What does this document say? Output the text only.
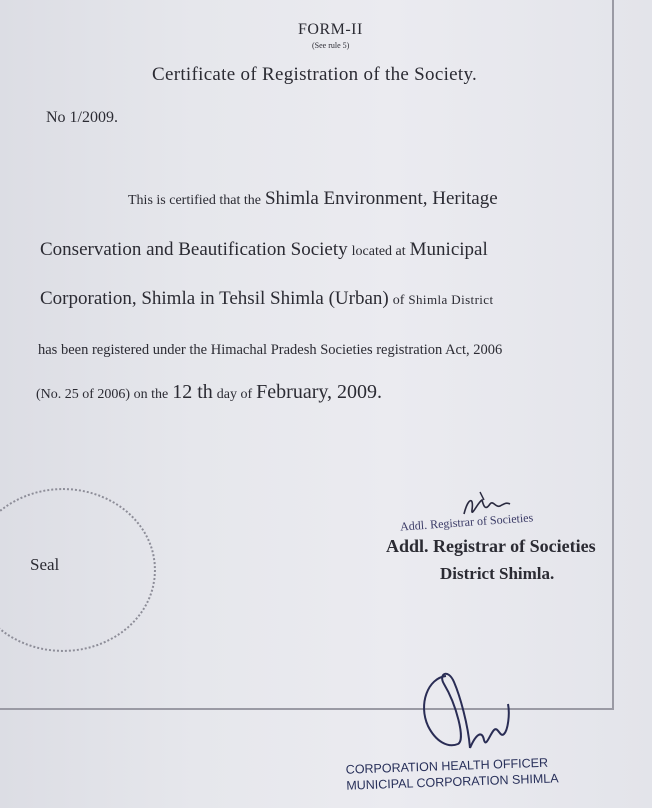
FORM-II
(See rule 5)
Certificate of Registration of the Society.
No 1/2009.
This is certified that the Shimla Environment, Heritage
Conservation and Beautification Society located at Municipal
Corporation, Shimla in Tehsil Shimla (Urban) of Shimla District
has been registered under the Himachal Pradesh Societies registration Act, 2006
(No. 25 of 2006) on the 12 th day of February, 2009.
Seal
Addl. Registrar of Societies
Addl. Registrar of Societies
District Shimla.
CORPORATION HEALTH OFFICER
MUNICIPAL CORPORATION SHIMLA
